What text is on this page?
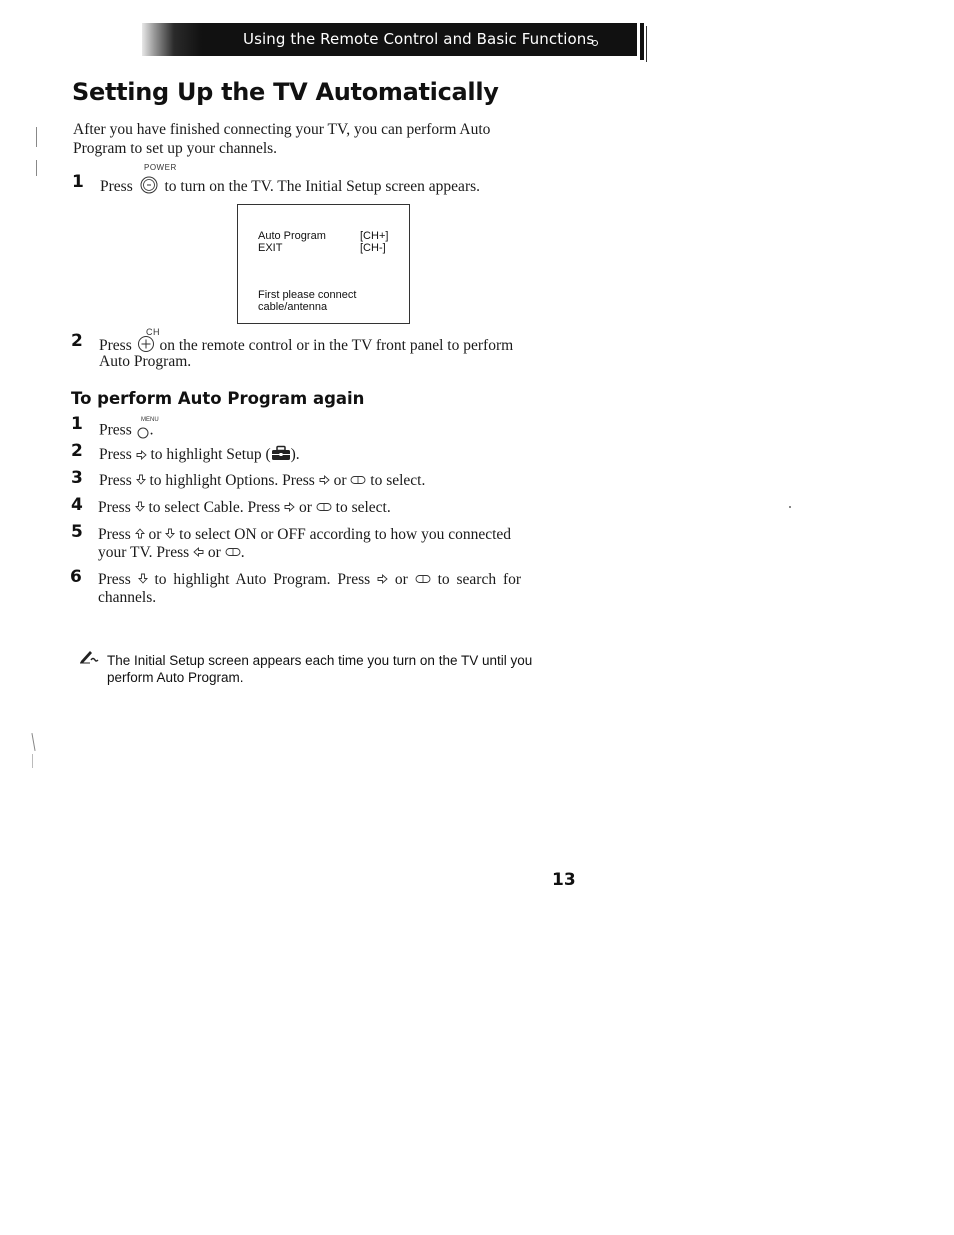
Using the Remote Control and Basic Functions
Setting Up the TV Automatically

After you have finished connecting your TV, you can perform Auto Program to set up your channels.

POWER
1 Press to turn on the TV. The Initial Setup screen appears.
Auto Program	[CH+]
EXIT	[CH-]
First please connect
cable/antenna
CH
2 Press on the remote control or in the TV front panel to perform
Auto Program.
To perform Auto Program again
1	MENU
Press .
2 Press to highlight Setup ( ).
3 Press to highlight Options. Press or to select.
4 Press to select Cable. Press or to select.
5 Press or to select ON or OFF according to how you connected
your TV. Press or .
6 Press to highlight Auto Program. Press or to search for
channels.

The Initial Setup screen appears each time you turn on the TV until you perform Auto Program.

13
